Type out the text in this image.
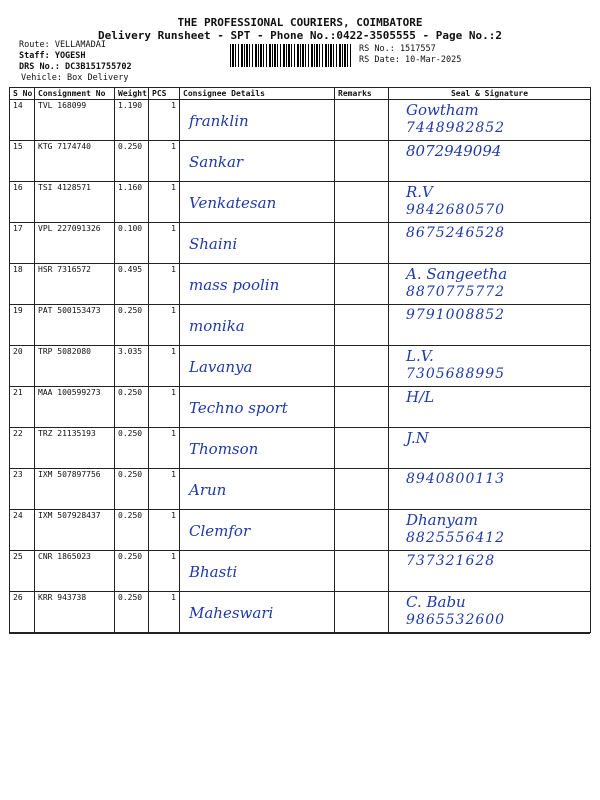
THE PROFESSIONAL COURIERS, COIMBATORE
Delivery Runsheet - SPT - Phone No.:0422-3505555 - Page No.:2
Route: VELLAMADAI
Staff: YOGESH
DRS No.: DC3B151755702
Vehicle: Box Delivery
RS No.: 1517557
RS Date: 10-Mar-2025
S No	Consignment No	Weight	PCS	Consignee Details	Remarks	Seal & Signature
14	TVL 168099	1.190	1	franklin		Gowtham
7448982852

15	KTG 7174740	0.250	1	Sankar		8072949094

16	TSI 4128571	1.160	1	Venkatesan		R.V
9842680570

17	VPL 227091326	0.100	1	Shaini		8675246528

18	HSR 7316572	0.495	1	mass poolin		A. Sangeetha
8870775772

19	PAT 500153473	0.250	1	monika		9791008852

20	TRP 5082080	3.035	1	Lavanya		L.V.
7305688995

21	MAA 100599273	0.250	1	Techno sport		H/L

22	TRZ 21135193	0.250	1	Thomson		J.N

23	IXM 507897756	0.250	1	Arun		8940800113

24	IXM 507928437	0.250	1	Clemfor		Dhanyam
8825556412

25	CNR 1865023	0.250	1	Bhasti		737321628

26	KRR 943738	0.250	1	Maheswari		C. Babu
9865532600
